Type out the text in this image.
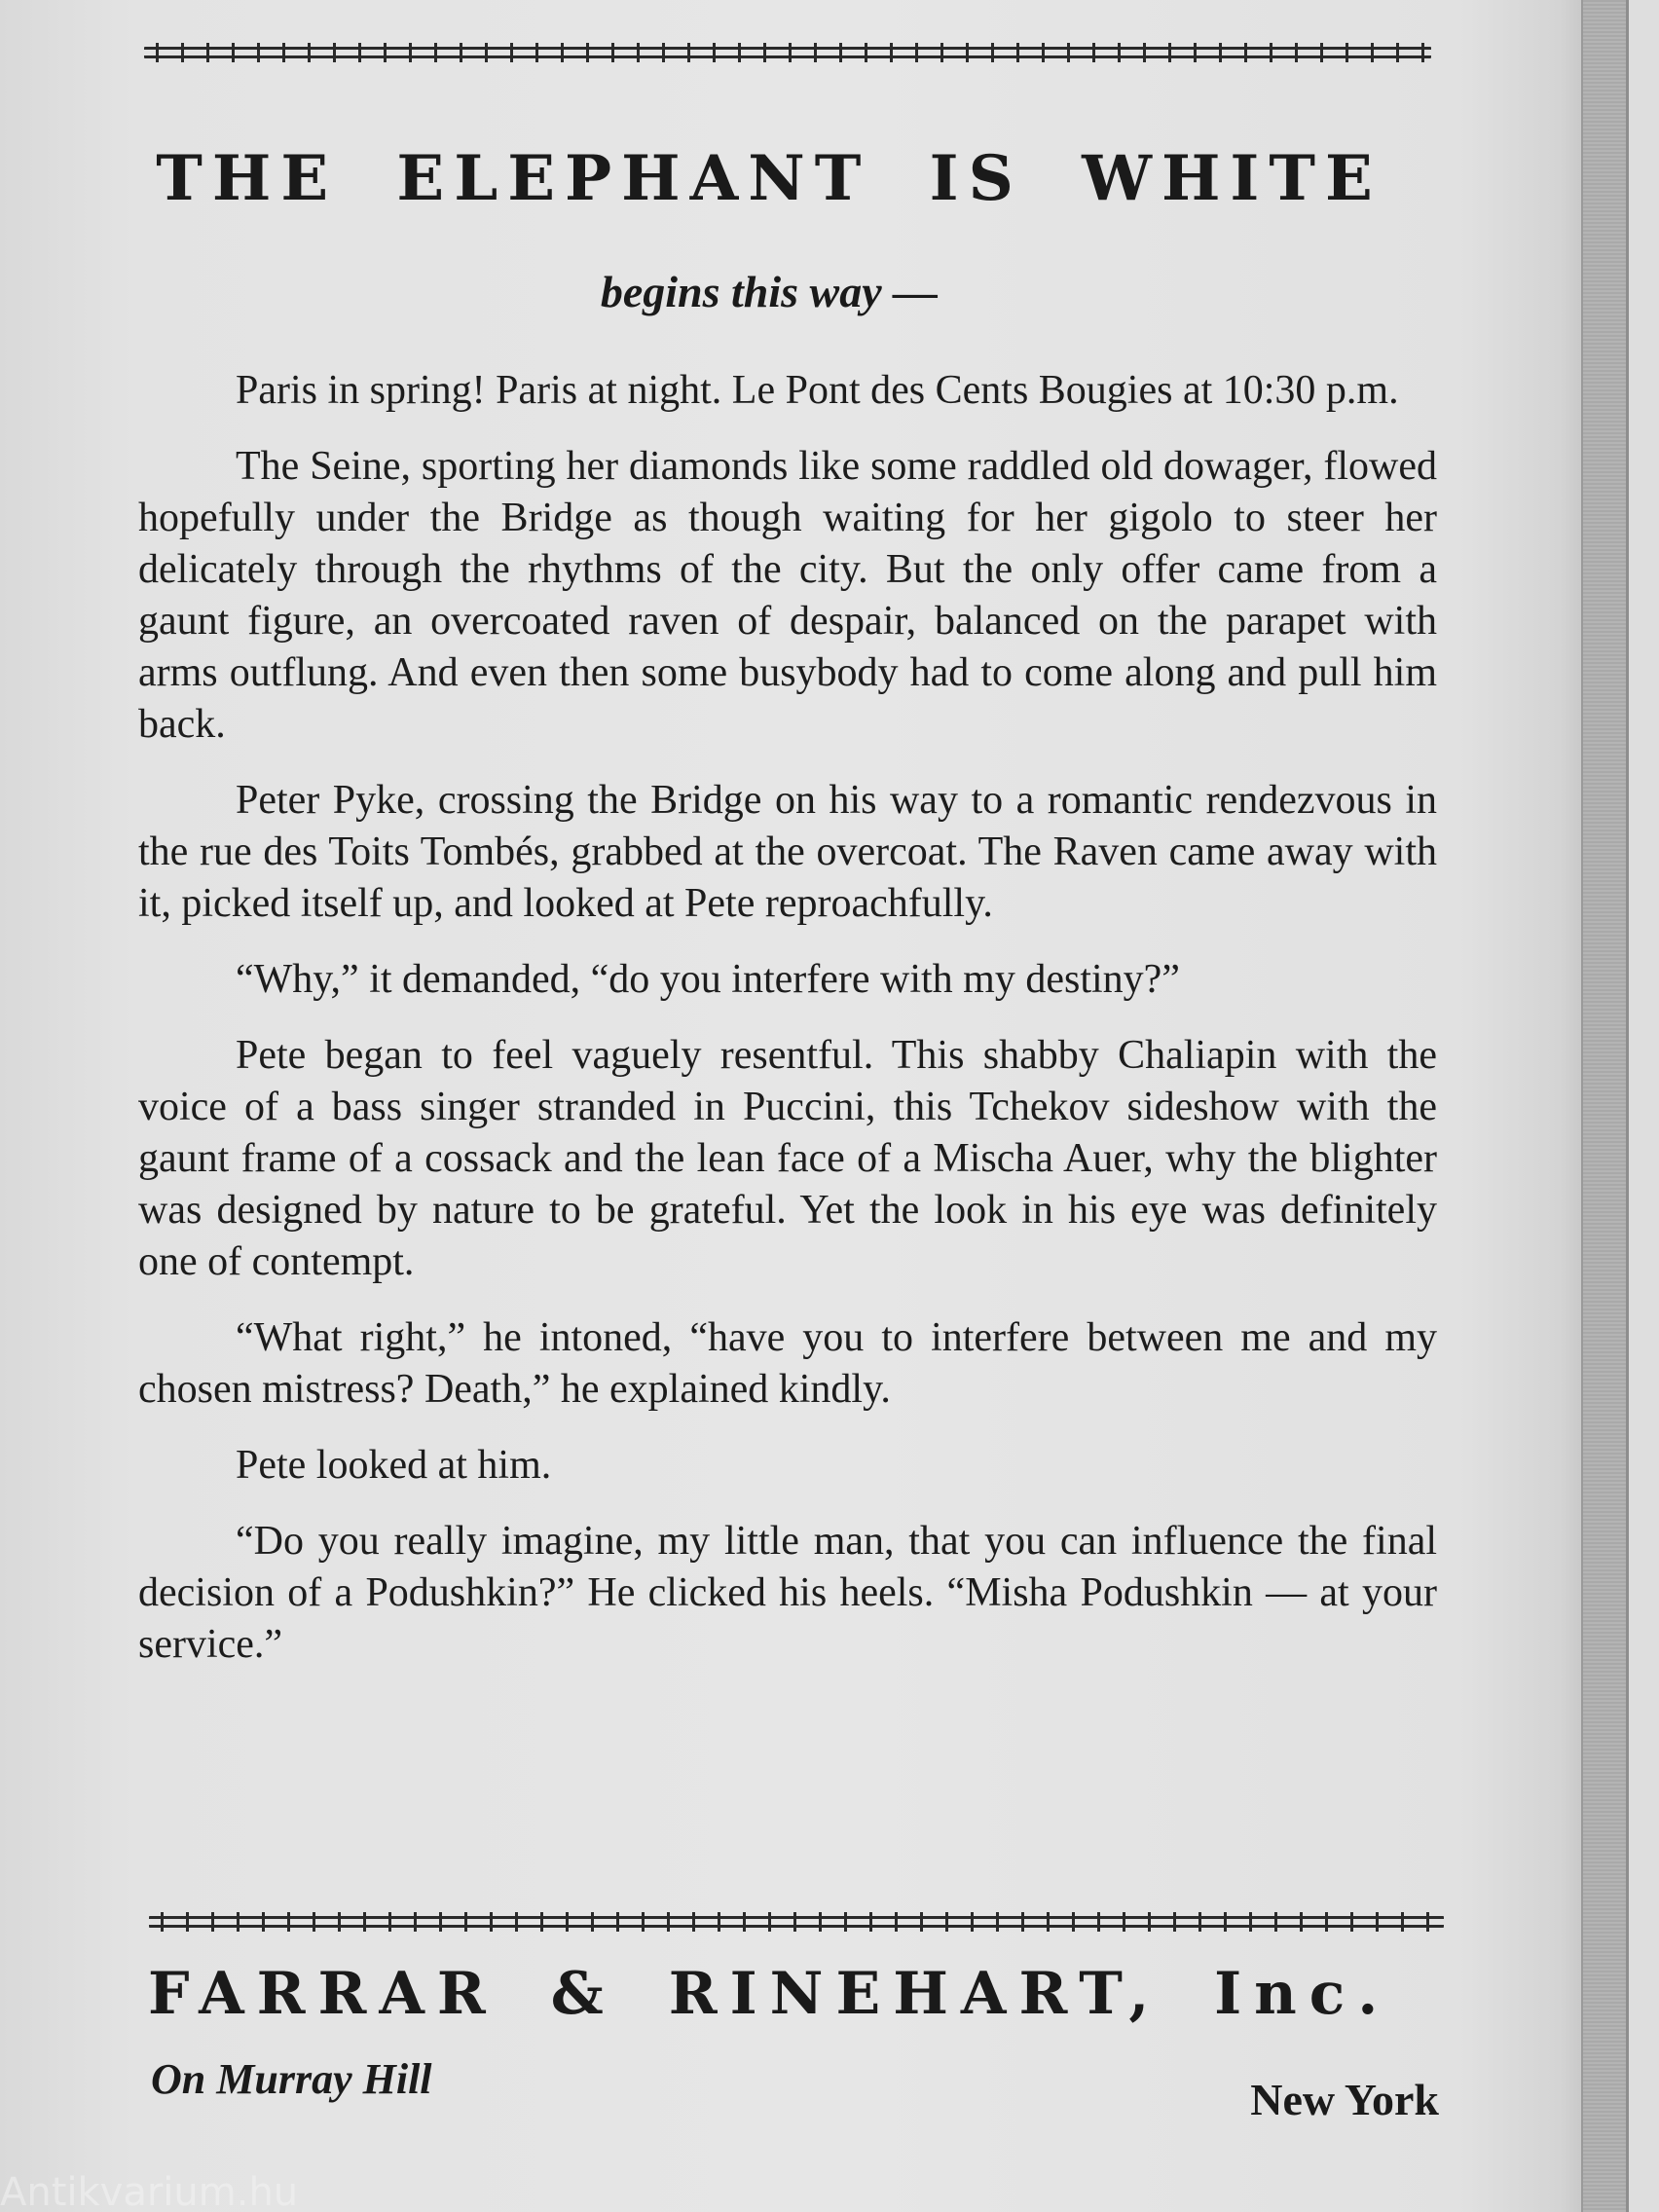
THE ELEPHANT IS WHITE
begins this way —

Paris in spring! Paris at night. Le Pont des Cents Bougies at 10:30 p.m.

The Seine, sporting her diamonds like some raddled old dowager, flowed hopefully under the Bridge as though waiting for her gigolo to steer her delicately through the rhythms of the city. But the only offer came from a gaunt figure, an overcoated raven of despair, balanced on the parapet with arms outflung. And even then some busybody had to come along and pull him back.

Peter Pyke, crossing the Bridge on his way to a romantic rendezvous in the rue des Toits Tombés, grabbed at the overcoat. The Raven came away with it, picked itself up, and looked at Pete reproachfully.

“Why,” it demanded, “do you interfere with my destiny?”

Pete began to feel vaguely resentful. This shabby Chaliapin with the voice of a bass singer stranded in Puccini, this Tchekov sideshow with the gaunt frame of a cossack and the lean face of a Mischa Auer, why the blighter was designed by nature to be grateful. Yet the look in his eye was definitely one of contempt.

“What right,” he intoned, “have you to interfere between me and my chosen mistress? Death,” he explained kindly.

Pete looked at him.

“Do you really imagine, my little man, that you can influence the final decision of a Podushkin?” He clicked his heels. “Misha Podushkin — at your service.”

FARRAR & RINEHART, Inc.
On Murray Hill	New York
Antikvarium.hu
